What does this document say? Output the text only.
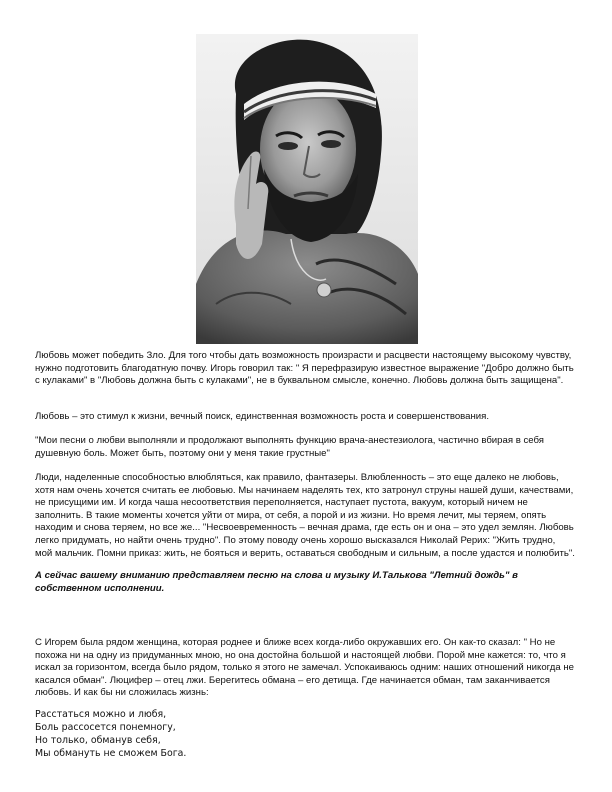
Любовь может победить Зло. Для того чтобы дать возможность произрасти и расцвести настоящему высокому чувству, нужно подготовить благодатную почву. Игорь говорил так: " Я перефразирую известное выражение "Добро должно быть с кулаками" в "Любовь должна быть с кулаками", не в буквальном смысле, конечно. Любовь должна быть защищена".

Любовь – это стимул к жизни, вечный поиск, единственная возможность роста и совершенствования.

"Мои песни о любви выполняли и продолжают выполнять функцию врача-анестезиолога, частично вбирая в себя душевную боль. Может быть, поэтому они у меня такие грустные"

Люди, наделенные способностью влюбляться, как правило, фантазеры. Влюбленность – это еще далеко не любовь, хотя нам очень хочется считать ее любовью. Мы начинаем наделять тех, кто затронул струны нашей души, качествами, не присущими им. И когда чаша несоответствия переполняется, наступает пустота, вакуум, который ничем не заполнить. В такие моменты хочется уйти от мира, от себя, а порой и из жизни. Но время лечит, мы теряем, опять находим и снова теряем, но все же... "Несвоевременность – вечная драма, где есть он и она – это удел землян. Любовь легко придумать, но найти очень трудно". По этому поводу очень хорошо высказался Николай Рерих: "Жить трудно, мой мальчик. Помни приказ: жить, не бояться и верить, оставаться свободным и сильным, а после удастся и полюбить".

А сейчас вашему вниманию представляем песню на слова и музыку И.Талькова "Летний дождь" в собственном исполнении.

С Игорем была рядом женщина, которая роднее и ближе всех когда-либо окружавших его. Он как-то сказал: " Но не похожа ни на одну из придуманных мною, но она достойна большой и настоящей любви. Порой мне кажется: то, что я искал за горизонтом, всегда было рядом, только я этого не замечал. Успокаиваюсь одним: наших отношений никогда не касался обман". Люцифер – отец лжи. Берегитесь обмана – его детища. Где начинается обман, там заканчивается любовь. И как бы ни сложилась жизнь:

Расстаться можно и любя,
Боль рассосется понемногу,
Но только, обманув себя,
Мы обмануть не сможем Бога.
